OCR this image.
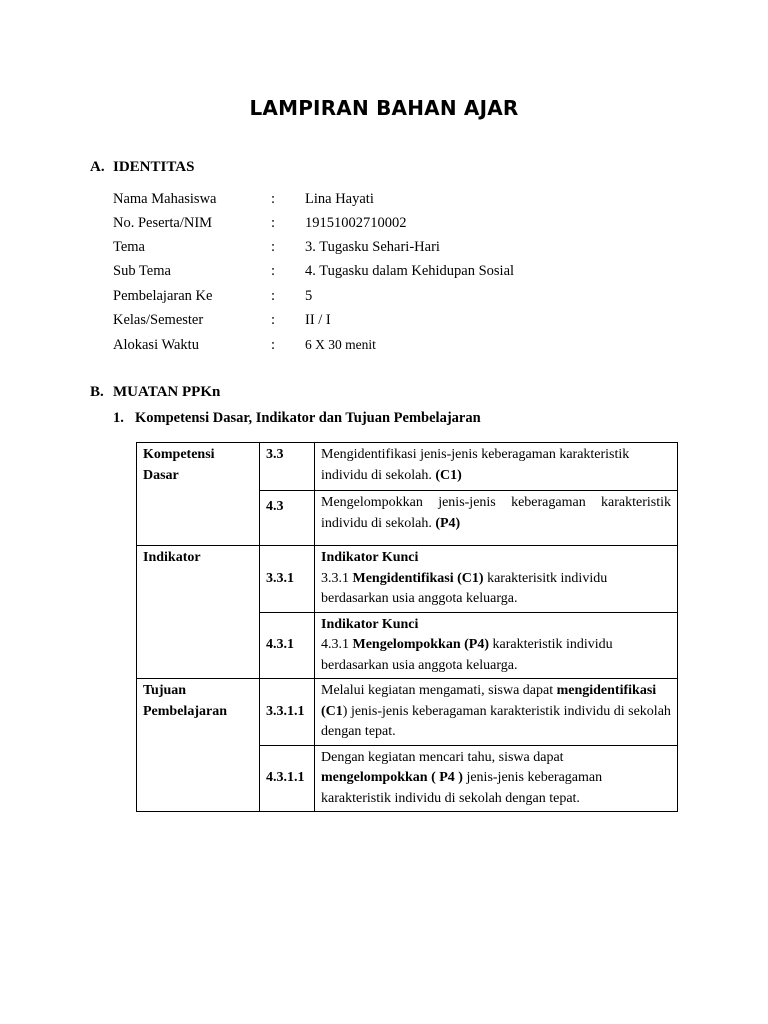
LAMPIRAN BAHAN AJAR
A. IDENTITAS
Nama Mahasiswa	: Lina Hayati
No. Peserta/NIM	: 19151002710002
Tema	: 3. Tugasku Sehari-Hari
Sub Tema	: 4. Tugasku dalam Kehidupan Sosial
Pembelajaran Ke	: 5
Kelas/Semester	: II / I
Alokasi Waktu	: 6 X 30 menit
B. MUATAN PPKn
1. Kompetensi Dasar, Indikator dan Tujuan Pembelajaran
Kompetensi Dasar	3.3	Mengidentifikasi jenis-jenis keberagaman karakteristik individu di sekolah. (C1)
	4.3	Mengelompokkan jenis-jenis keberagaman karakteristik individu di sekolah. (P4)
Indikator	3.3.1	Indikator Kunci
3.3.1 Mengidentifikasi (C1) karakterisitk individu berdasarkan usia anggota keluarga.
	4.3.1	Indikator Kunci
4.3.1 Mengelompokkan (P4) karakteristik individu berdasarkan usia anggota keluarga.
Tujuan Pembelajaran	3.3.1.1	Melalui kegiatan mengamati, siswa dapat mengidentifikasi (C1) jenis-jenis keberagaman karakteristik individu di sekolah dengan tepat.
	4.3.1.1	Dengan kegiatan mencari tahu, siswa dapat mengelompokkan ( P4 ) jenis-jenis keberagaman karakteristik individu di sekolah dengan tepat.
